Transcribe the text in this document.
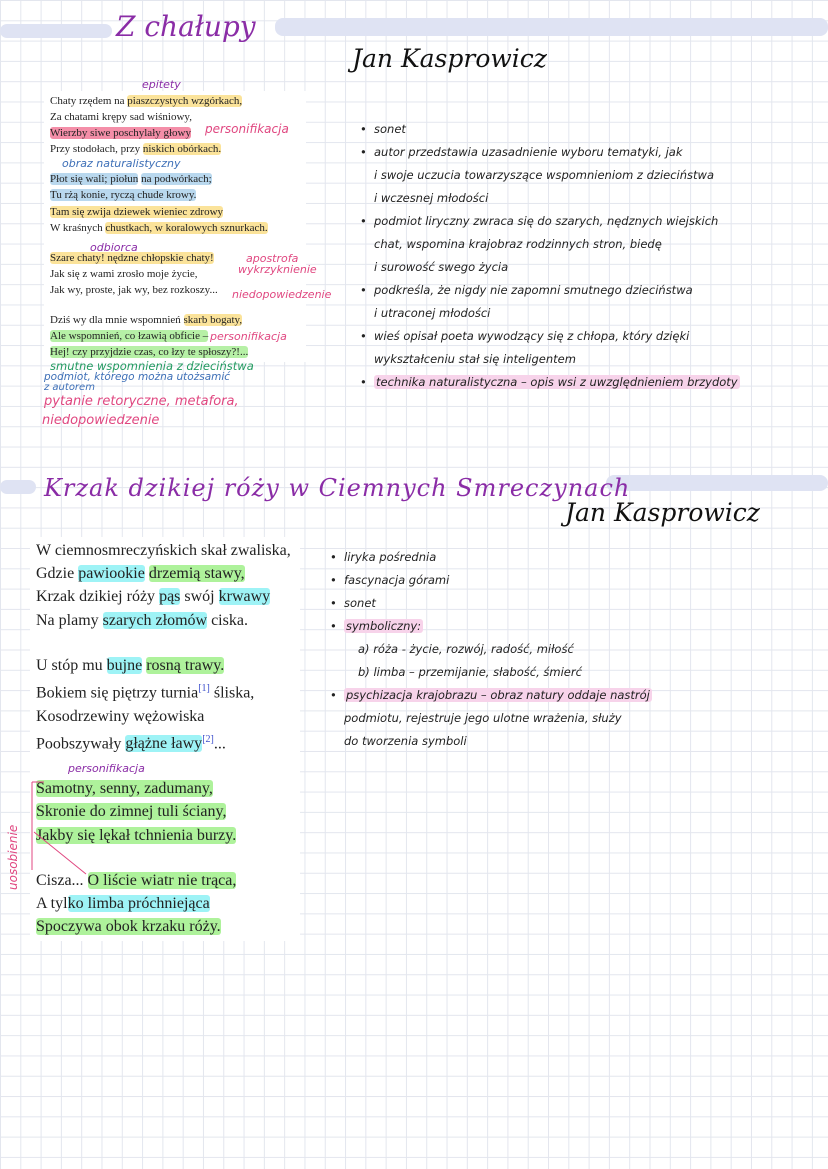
Z chałupy
Jan Kasprowicz
epitety
Chaty rzędem na piaszczystych wzgórkach,
Za chatami krępy sad wiśniowy,
Wierzby siwe poschylały głowy
Przy stodołach, przy niskich obórkach.
Płot się wali; piołun na podwórkach;
Tu rżą konie, ryczą chude krowy.
Tam się zwija dziewek wieniec zdrowy
W kraśnych chustkach, w koralowych sznurkach.
Szare chaty! nędzne chłopskie chaty!
Jak się z wami zrosło moje życie,
Jak wy, proste, jak wy, bez rozkoszy...
Dziś wy dla mnie wspomnień skarb bogaty,
Ale wspomnień, co łzawią obficie –
Hej! czy przyjdzie czas, co łzy te spłoszy?!...
personifikacja
obraz naturalistyczny
odbiorca
apostrofa
wykrzyknienie
niedopowiedzenie
personifikacja
smutne wspomnienia z dzieciństwa
podmiot, którego można utożsamić
z autorem
pytanie retoryczne, metafora,
niedopowiedzenie
• sonet
• autor przedstawia uzasadnienie wyboru tematyki, jak
i swoje uczucia towarzyszące wspomnieniom z dzieciństwa
i wczesnej młodości
• podmiot liryczny zwraca się do szarych, nędznych wiejskich
chat, wspomina krajobraz rodzinnych stron, biedę
i surowość swego życia
• podkreśla, że nigdy nie zapomni smutnego dzieciństwa
i utraconej młodości
• wieś opisał poeta wywodzący się z chłopa, który dzięki
wykształceniu stał się inteligentem
• technika naturalistyczna – opis wsi z uwzględnieniem brzydoty
Krzak dzikiej róży w Ciemnych Smreczynach
Jan Kasprowicz
W ciemnosmreczyńskich skał zwaliska,
Gdzie pawiookie drzemią stawy,
Krzak dzikiej róży pąs swój krwawy
Na plamy szarych złomów ciska.
U stóp mu bujne rosną trawy.
Bokiem się piętrzy turnia[1] śliska,
Kosodrzewiny wężowiska
Poobszywały głążne ławy[2]...
Samotny, senny, zadumany,
Skronie do zimnej tuli ściany,
Jakby się lękał tchnienia burzy.
Cisza... O liście wiatr nie trąca,
A tylko limba próchniejąca
Spoczywa obok krzaku róży.
personifikacja
uosobienie
• liryka pośrednia
• fascynacja górami
• sonet
• symboliczny:
a) róża - życie, rozwój, radość, miłość
b) limba – przemijanie, słabość, śmierć
• psychizacja krajobrazu – obraz natury oddaje nastrój
podmiotu, rejestruje jego ulotne wrażenia, służy
do tworzenia symboli
